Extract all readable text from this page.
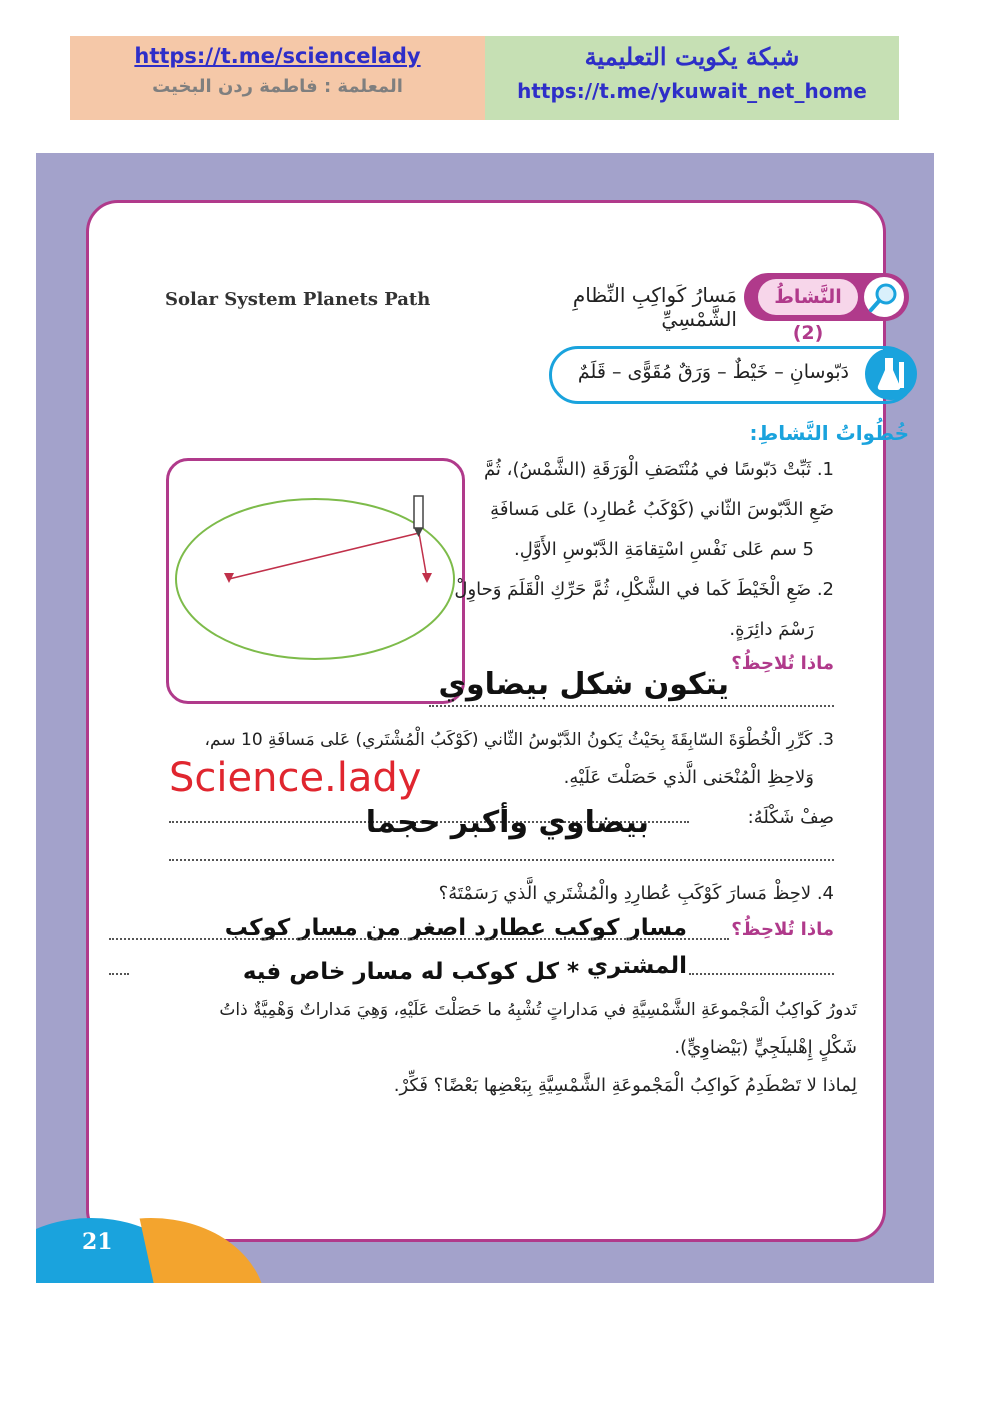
https://t.me/sciencelady
المعلمة : فاطمة ردن البخيت
شبكة يكويت التعليمية
https://t.me/ykuwait_net_home
Solar System Planets Path	مَسارُ كَواكِبِ النِّظامِ الشَّمْسِيِّ
النَّشاطُ (2)
دَبّوسانِ – خَيْطٌ – وَرَقٌ مُقَوًّى – قَلَمٌ
خُطُواتُ النَّشاطِ:
1. ثَبِّتْ دَبّوسًا في مُنْتَصَفِ الْوَرَقَةِ (الشَّمْسُ)، ثُمَّ
ضَعِ الدَّبّوسَ الثّاني (كَوْكَبُ عُطارِد) عَلى مَسافَةِ
5 سم عَلى نَفْسِ اسْتِقامَةِ الدَّبّوسِ الأَوَّلِ.
2. ضَعِ الْخَيْطَ كَما في الشَّكْلِ، ثُمَّ حَرِّكِ الْقَلَمَ وَحاوِلْ
رَسْمَ دائِرَةٍ.
ماذا تُلاحِظُ؟
يتكون شكل بيضاوي
3. كَرِّرِ الْخُطْوَةَ السّابِقَةَ بِحَيْثُ يَكونُ الدَّبّوسُ الثّاني (كَوْكَبُ الْمُشْتَري) عَلى مَسافَةِ 10 سم،
وَلاحِظِ الْمُنْحَنى الَّذي حَصَلْتَ عَلَيْهِ.
Science.lady
صِفْ شَكْلَهُ:
بيضاوي وأكبر حجما
4. لاحِظْ مَسارَ كَوْكَبِ عُطارِدِ والْمُشْتَري الَّذي رَسَمْتَهُ؟
ماذا تُلاحِظُ؟
مسار كوكب عطارد اصغر من مسار كوكب المشتري
* كل كوكب له مسار خاص فيه
تَدورُ كَواكِبُ الْمَجْموعَةِ الشَّمْسِيَّةِ في مَداراتٍ تُشْبِهُ ما حَصَلْتَ عَلَيْهِ، وَهِيَ مَداراتٌ وَهْمِيَّةٌ ذاتُ
شَكْلٍ إِهْليلَجِيٍّ (بَيْضاوِيٍّ).
لِماذا لا تَصْطَدِمُ كَواكِبُ الْمَجْموعَةِ الشَّمْسِيَّةِ بِبَعْضِها بَعْضًا؟ فَكِّرْ.
21
